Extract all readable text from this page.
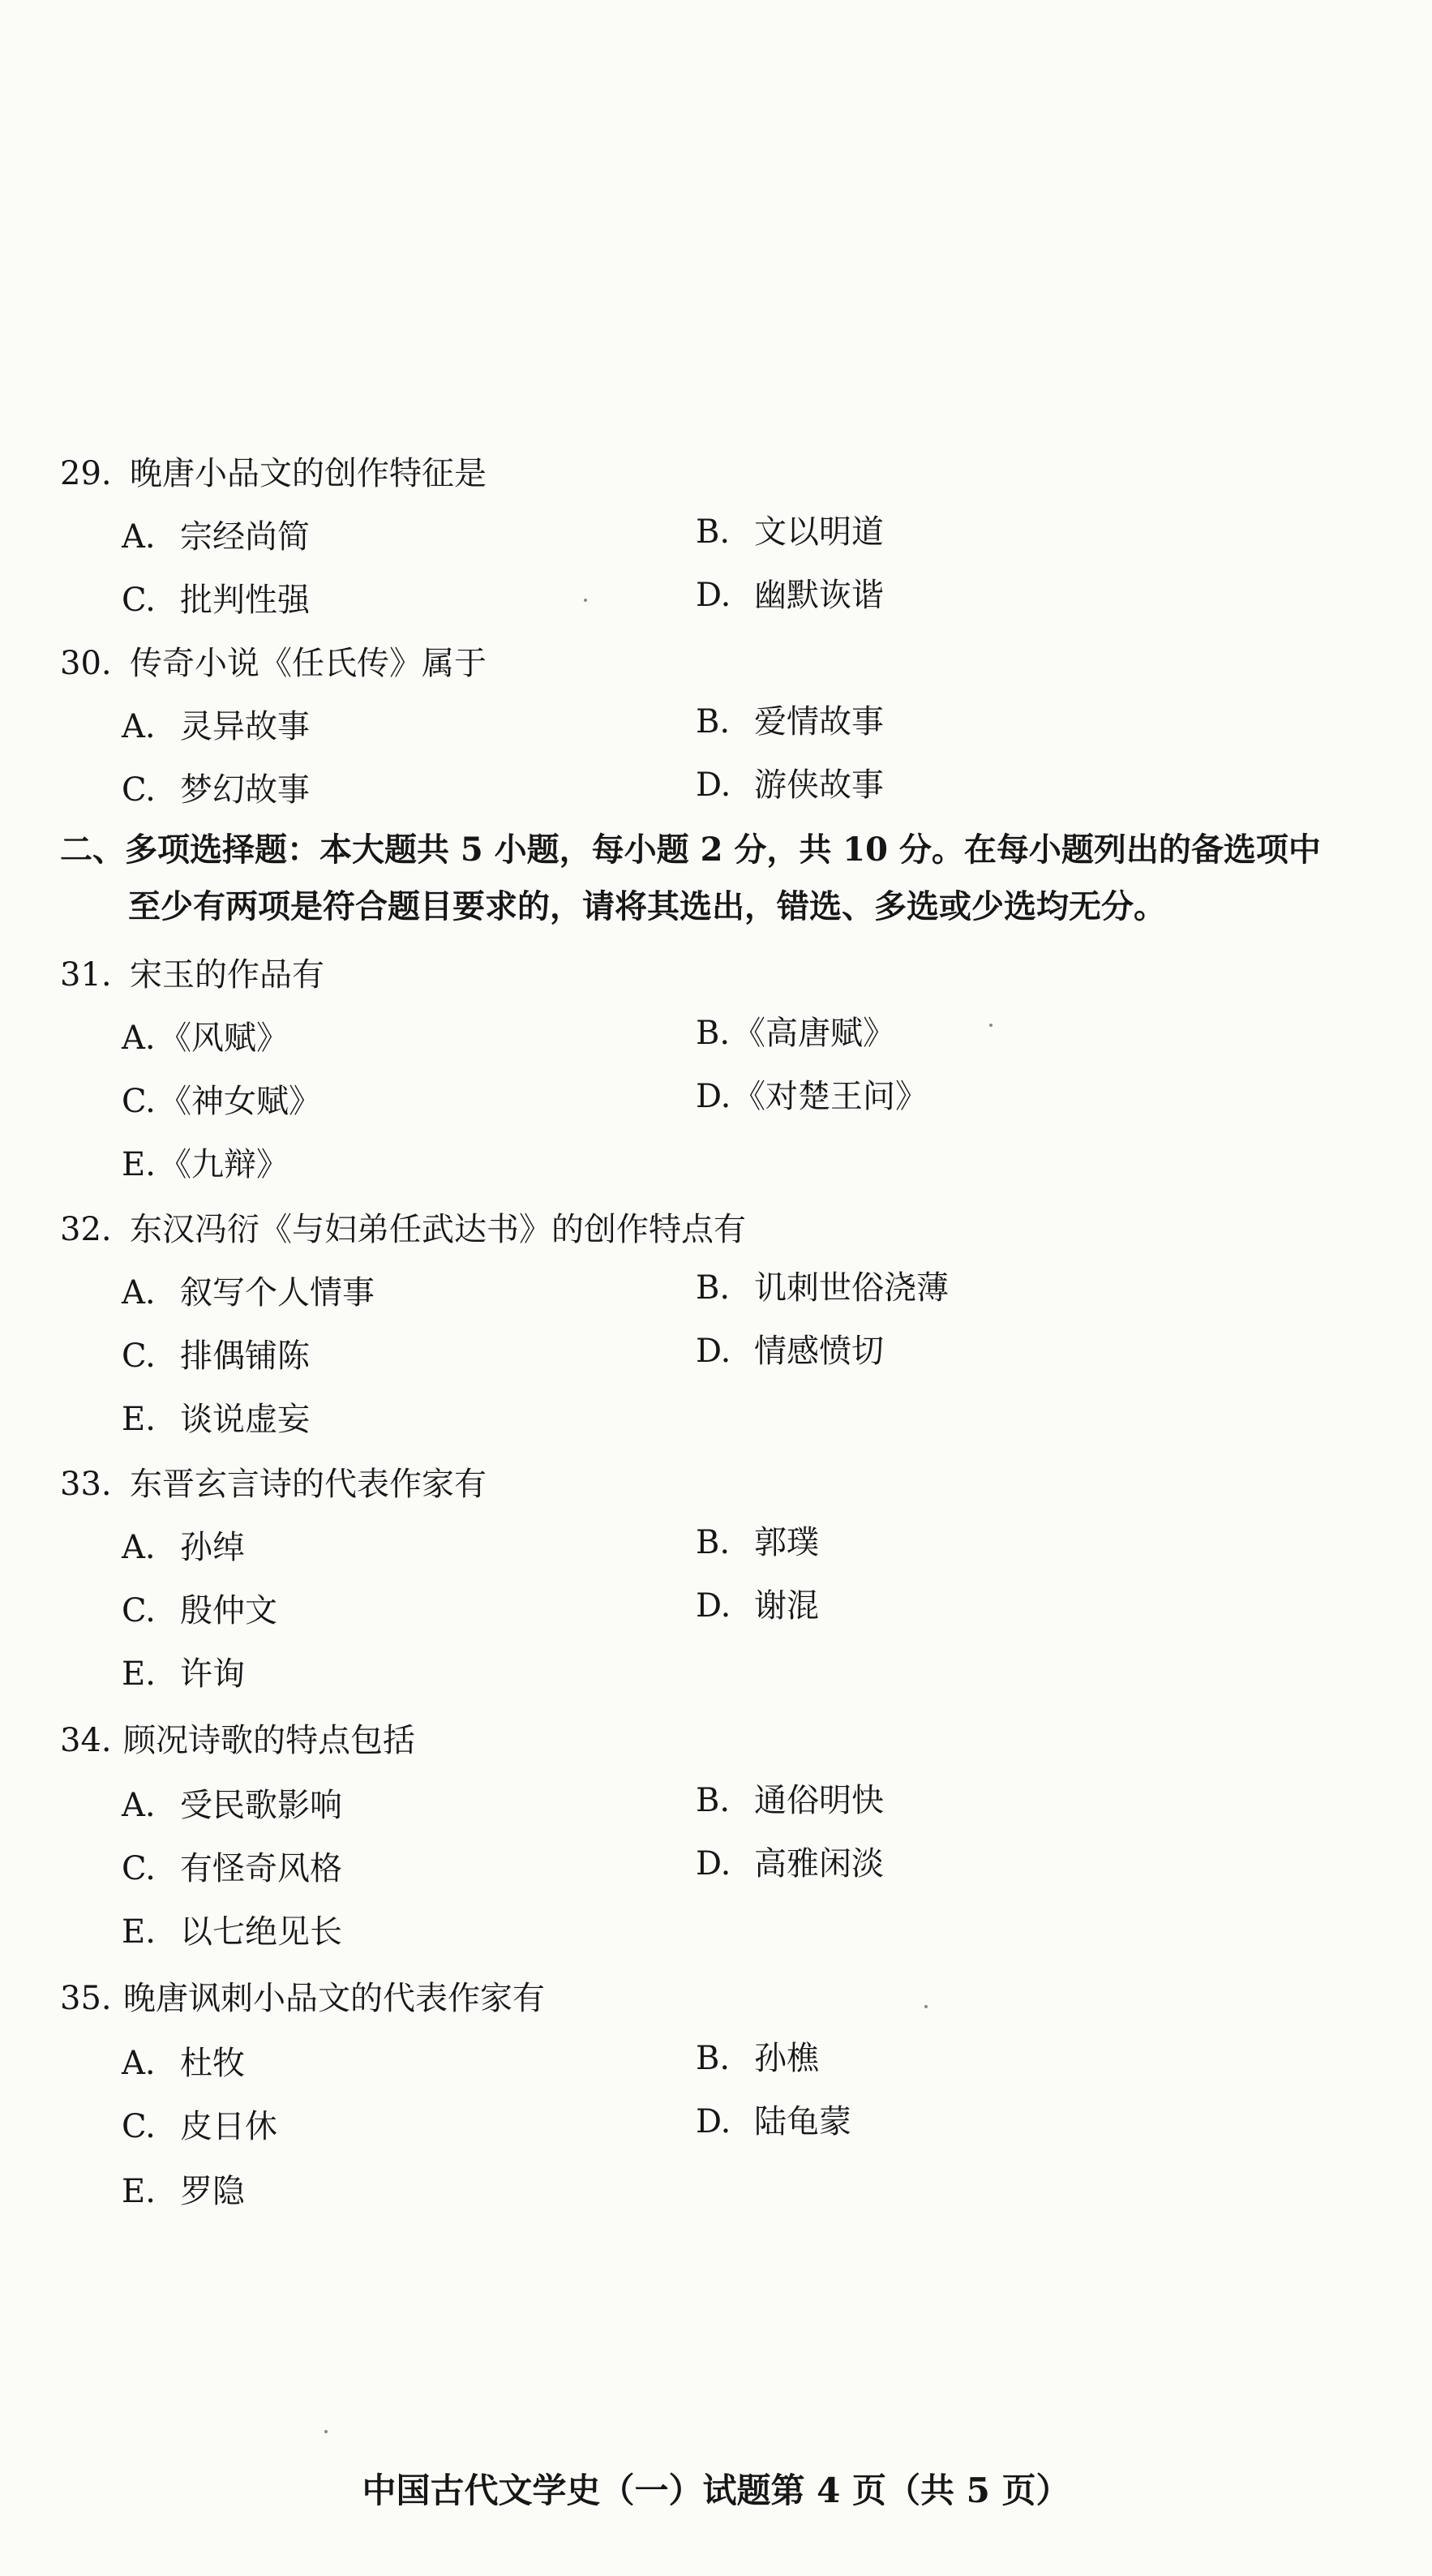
29. 晚唐小品文的创作特征是
A. 宗经尚简	B. 文以明道
C. 批判性强	D. 幽默诙谐
30. 传奇小说《任氏传》属于
A. 灵异故事	B. 爱情故事
C. 梦幻故事	D. 游侠故事
二、多项选择题：本大题共 5 小题，每小题 2 分，共 10 分。在每小题列出的备选项中
至少有两项是符合题目要求的，请将其选出，错选、多选或少选均无分。
31. 宋玉的作品有
A. 《风赋》	B. 《高唐赋》
C. 《神女赋》	D. 《对楚王问》
E. 《九辩》
32. 东汉冯衍《与妇弟任武达书》的创作特点有
A. 叙写个人情事	B. 讥刺世俗浇薄
C. 排偶铺陈	D. 情感愤切
E. 谈说虚妄
33. 东晋玄言诗的代表作家有
A. 孙绰	B. 郭璞
C. 殷仲文	D. 谢混
E. 许询
34. 顾况诗歌的特点包括
A. 受民歌影响	B. 通俗明快
C. 有怪奇风格	D. 高雅闲淡
E. 以七绝见长
35. 晚唐讽刺小品文的代表作家有
A. 杜牧	B. 孙樵
C. 皮日休	D. 陆龟蒙
E. 罗隐
中国古代文学史（一）试题第 4 页（共 5 页）
